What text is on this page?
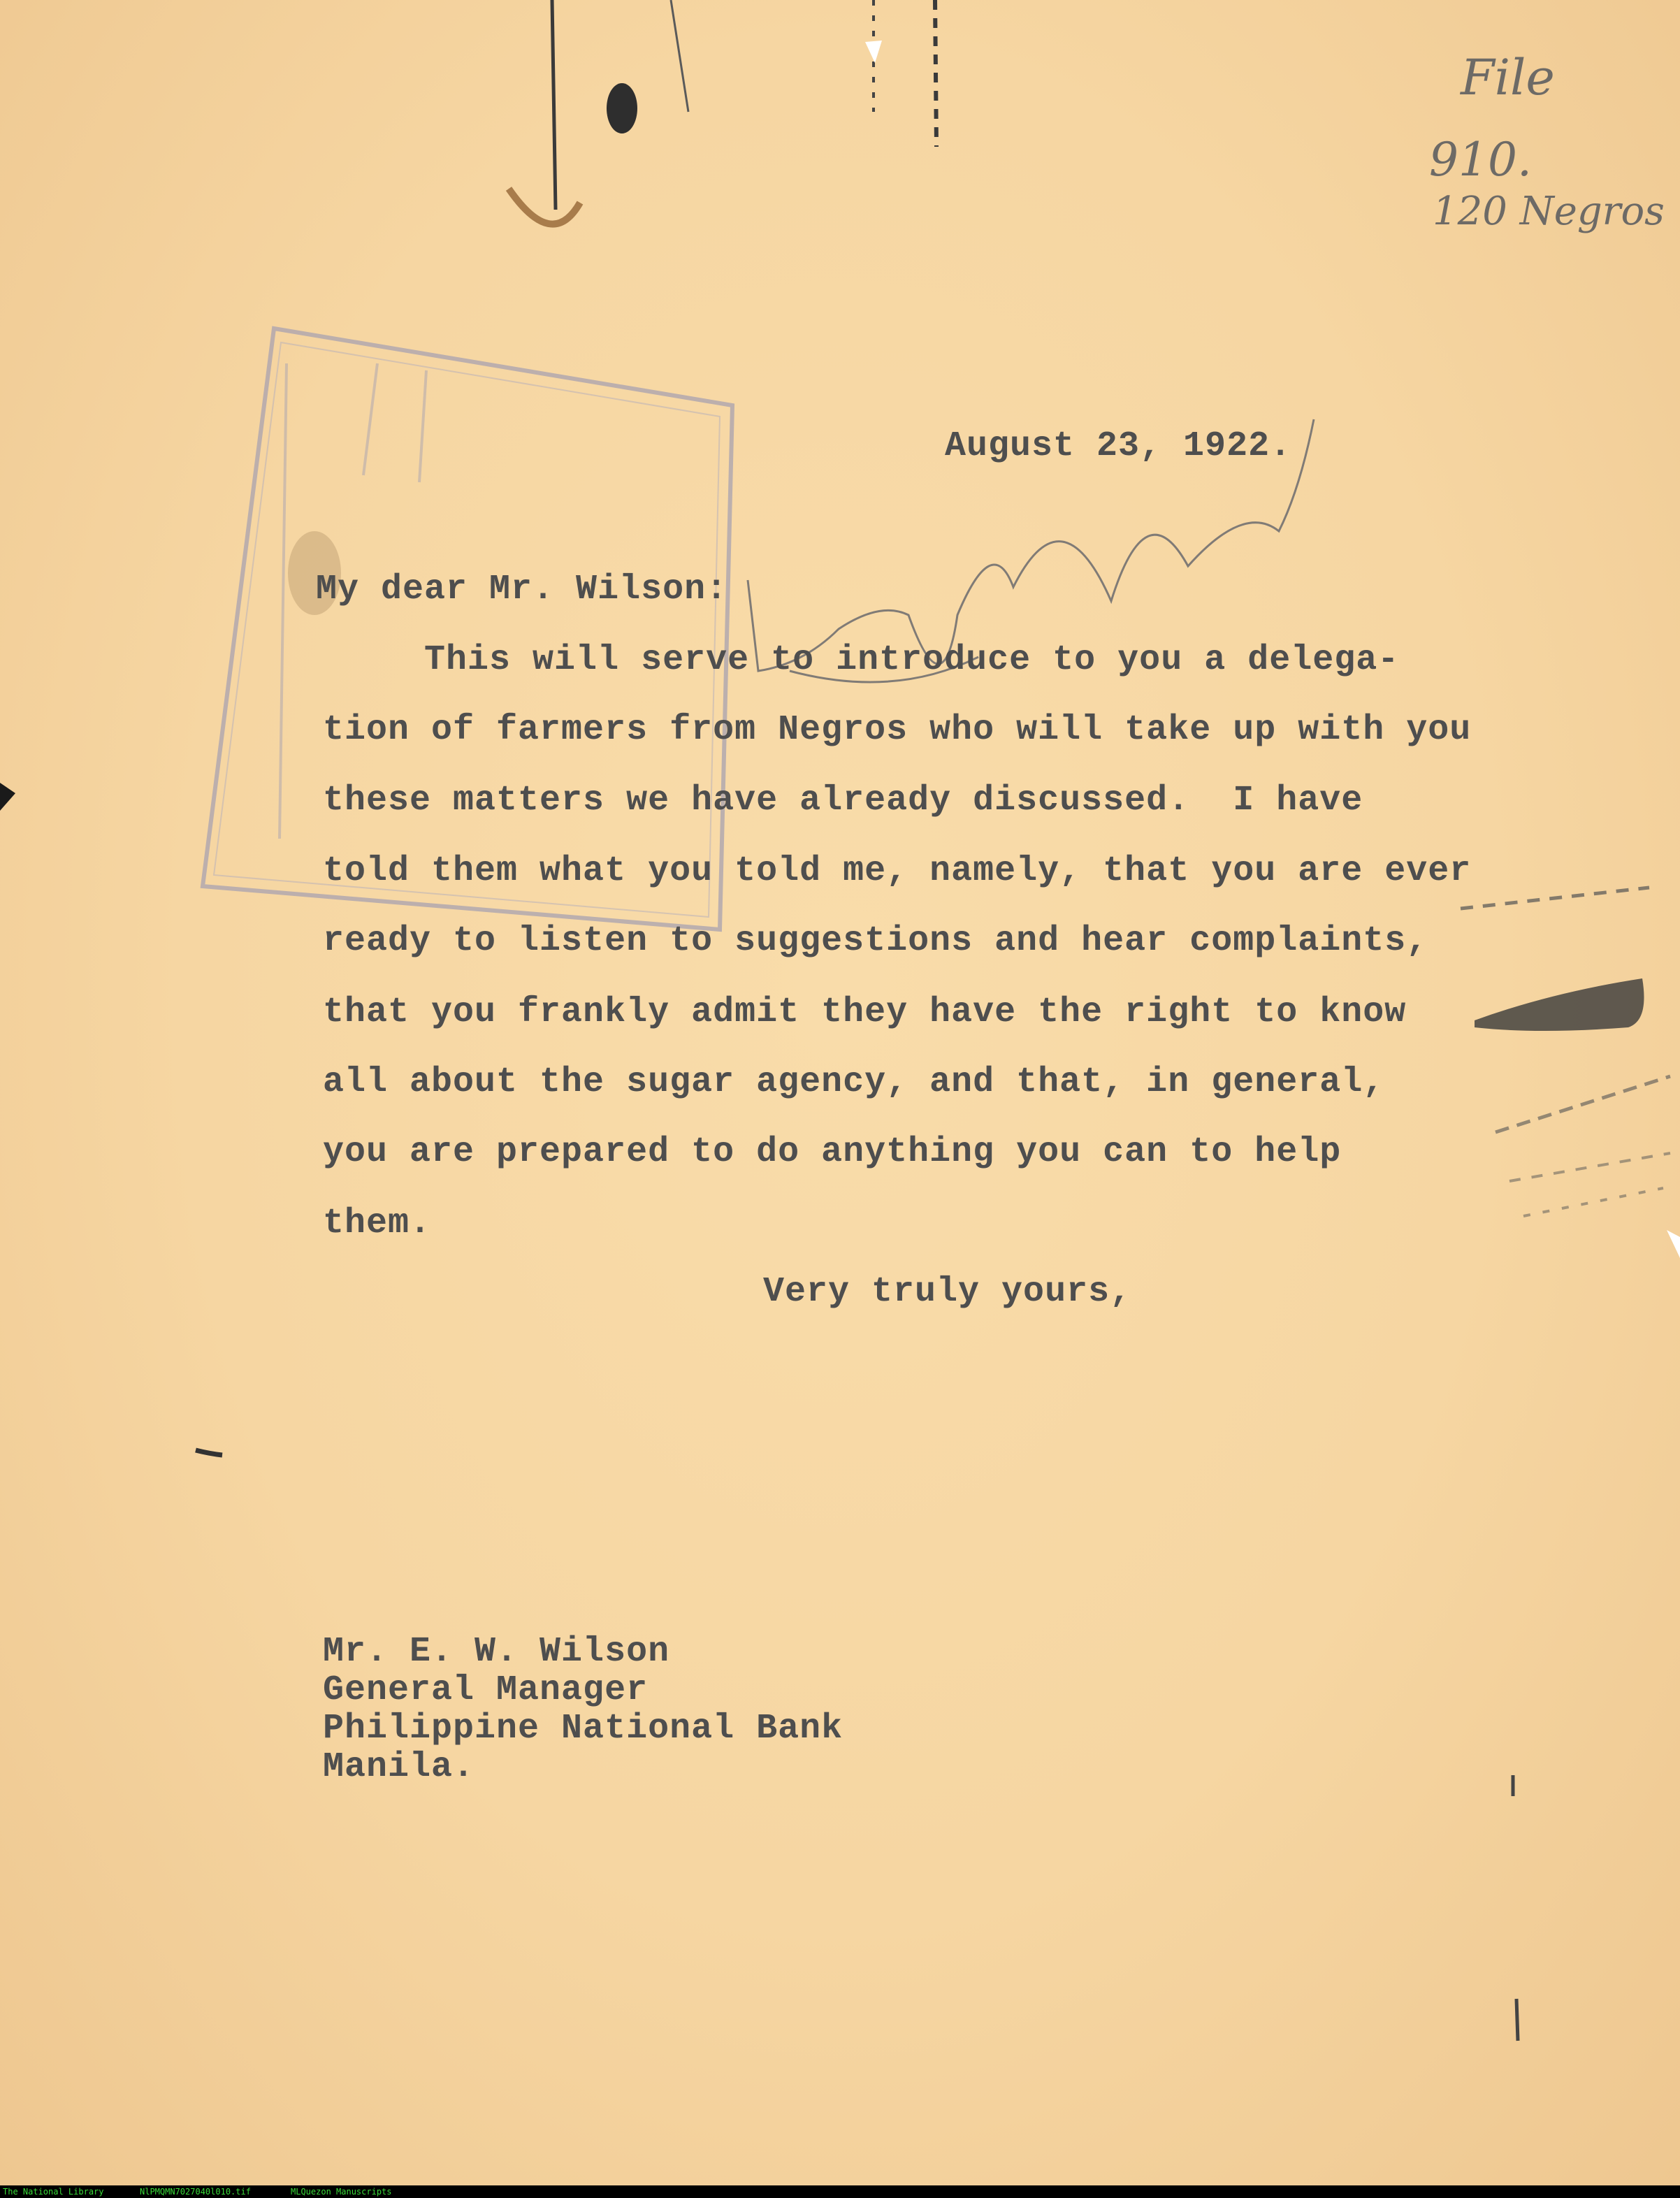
File
910.
120 Negros
August 23, 1922.
My dear Mr. Wilson:
This will serve to introduce to you a delega-
tion of farmers from Negros who will take up with you
these matters we have already discussed.  I have
told them what you told me, namely, that you are ever
ready to listen to suggestions and hear complaints,
that you frankly admit they have the right to know
all about the sugar agency, and that, in general,
you are prepared to do anything you can to help
them.
Very truly yours,
Mr. E. W. Wilson
General Manager
Philippine National Bank
Manila.
The National Library	NlPMQMN7027040l010.tif	MLQuezon Manuscripts
